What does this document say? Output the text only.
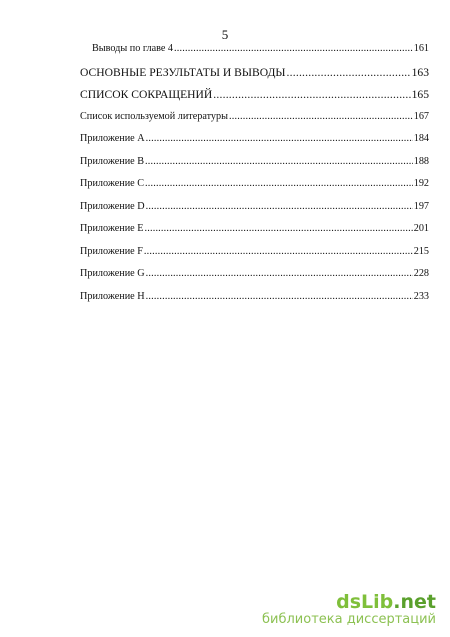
5
Выводы по главе 4 .....	161
ОСНОВНЫЕ РЕЗУЛЬТАТЫ И ВЫВОДЫ .....	163
СПИСОК СОКРАЩЕНИЙ .....	165
Список используемой литературы .....	167
Приложение A .....	184
Приложение B .....	188
Приложение C .....	192
Приложение D .....	197
Приложение E .....	201
Приложение F .....	215
Приложение G .....	228
Приложение H .....	233
dsLib.net
библиотека диссертаций
